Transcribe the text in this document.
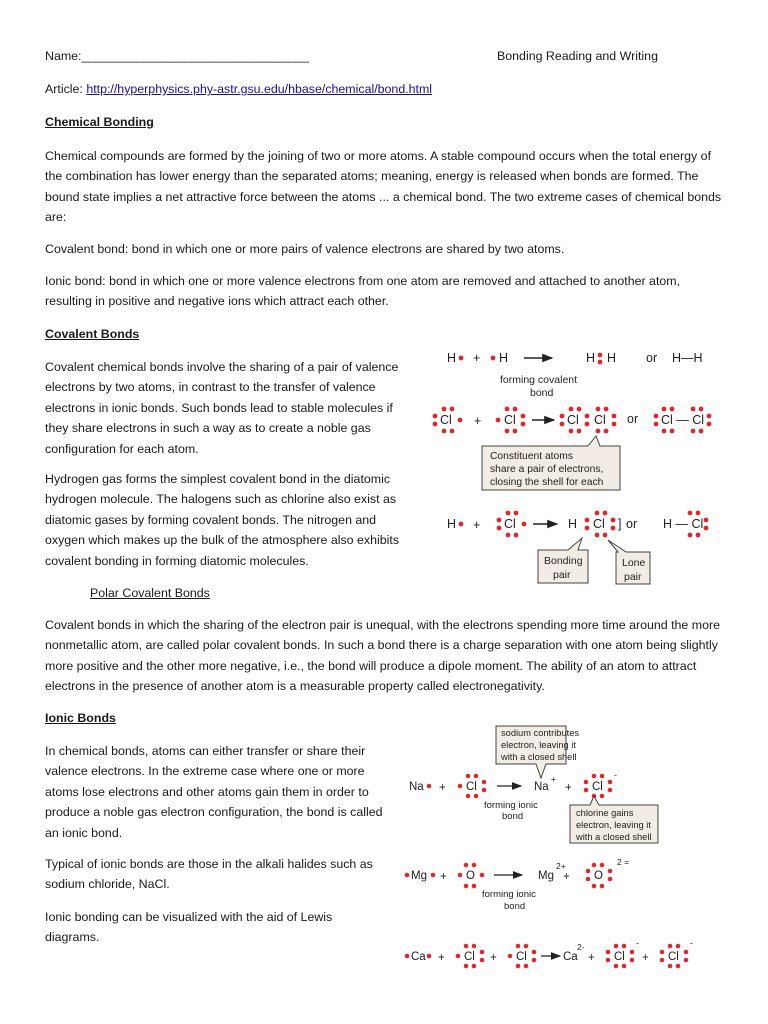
Name:_________________________________	Bonding Reading and Writing

Article: http://hyperphysics.phy-astr.gsu.edu/hbase/chemical/bond.html

Chemical Bonding

Chemical compounds are formed by the joining of two or more atoms. A stable compound occurs when the total energy of the combination has lower energy than the separated atoms; meaning, energy is released when bonds are formed. The bound state implies a net attractive force between the atoms ... a chemical bond. The two extreme cases of chemical bonds are:

Covalent bond: bond in which one or more pairs of valence electrons are shared by two atoms.

Ionic bond: bond in which one or more valence electrons from one atom are removed and attached to another atom, resulting in positive and negative ions which attract each other.

Covalent Bonds

Covalent chemical bonds involve the sharing of a pair of valence electrons by two atoms, in contrast to the transfer of valence electrons in ionic bonds. Such bonds lead to stable molecules if they share electrons in such a way as to create a noble gas configuration for each atom.

Hydrogen gas forms the simplest covalent bond in the diatomic hydrogen molecule. The halogens such as chlorine also exist as diatomic gases by forming covalent bonds. The nitrogen and oxygen which makes up the bulk of the atmosphere also exhibits covalent bonding in forming diatomic molecules.

Polar Covalent Bonds

Covalent bonds in which the sharing of the electron pair is unequal, with the electrons spending more time around the more nonmetallic atom, are called polar covalent bonds. In such a bond there is a charge separation with one atom being slightly more positive and the other more negative, i.e., the bond will produce a dipole moment. The ability of an atom to attract electrons in the presence of another atom is a measurable property called electronegativity.

Ionic Bonds

In chemical bonds, atoms can either transfer or share their valence electrons. In the extreme case where one or more atoms lose electrons and other atoms gain them in order to produce a noble gas electron configuration, the bond is called an ionic bond.

Typical of ionic bonds are those in the alkali halides such as sodium chloride, NaCl.

Ionic bonding can be visualized with the aid of Lewis diagrams.

H + H	H H or H—H
forming covalent
bond
Cl + Cl	Cl Cl or Cl — Cl
Constituent atoms
share a pair of electrons,
closing the shell for each
H + Cl	H Cl ] or H — Cl
Bonding
pair
Lone
pair
sodium contributes
electron, leaving it
with a closed shell
Na + Cl	Na
+
+ Cl
-
forming ionic
bond	chlorine gains
electron, leaving it
with a closed shell
Mg + O	Mg
2+
+ O
2 =
forming ionic
bond
Ca + Cl + Cl	Ca
2-
+ Cl
-
+ Cl
-
